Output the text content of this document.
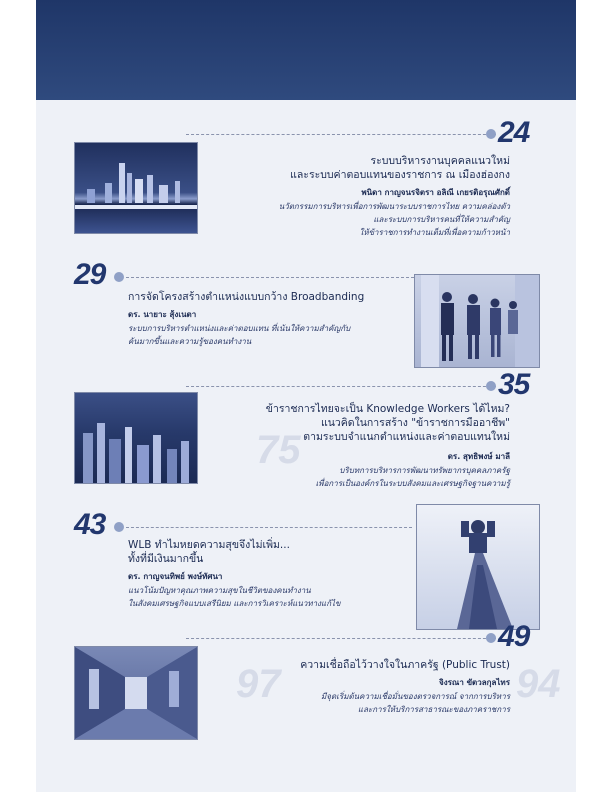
75
97	94
24
ระบบบริหารงานบุคคลแนวใหม่
และระบบค่าตอบแทนของราชการ ณ เมืองฮ่องกง
พนิดา กาญจนรจิตรา อลิณี เกยรติอรุณศักดิ์
นวัตกรรมการบริหารเพื่อการพัฒนาระบบราชการไทย ความคล่องตัว
และระบบการบริหารคนที่ให้ความสำคัญ
ให้ข้าราชการทำงานเต็มที่เพื่อความก้าวหน้า
29
การจัดโครงสร้างตำแหน่งแบบกว้าง Broadbanding
ดร. นายาะ สุ้งเนตา
ระบบการบริหารตำแหน่งและค่าตอบแทน ที่เน้นให้ความสำคัญกับ
ค้นมากขึ้นและความรู้ของคนทำงาน
35
ข้าราชการไทยจะเป็น Knowledge Workers ได้ไหม?
แนวคิดในการสร้าง "ข้าราชการมืออาชีพ"
ตามระบบจำแนกตำแหน่งและค่าตอบแทนใหม่
ดร. สุทธิพงษ์ มาลี
บริบทการบริหารการพัฒนาทรัพยากรบุคคลภาครัฐ
เพื่อการเป็นองค์กรในระบบสังคมและเศรษฐกิจฐานความรู้
43
WLB ทำไมหยดความสุขจึงไม่เพิ่ม...
ทั้งที่มีเงินมากขึ้น
ดร. กาญจนทิพย์ พงษ์ทัศนา
แนวโน้มปัญหาคุณภาพความสุขในชีวิตของคนทำงาน
ในสังคมเศรษฐกิจแบบเสรีนิยม และการวิเคราะห์แนวทางแก้ไข
49
ความเชื่อถือไว้วางใจในภาครัฐ (Public Trust)
จิงรณา ขัตวลกุลไทร
มีจุดเริ่มต้นความเชื่อมั่นของตรวจการณ์ จากการบริหาร
และการให้บริการสาธารณะของภาคราชการ
